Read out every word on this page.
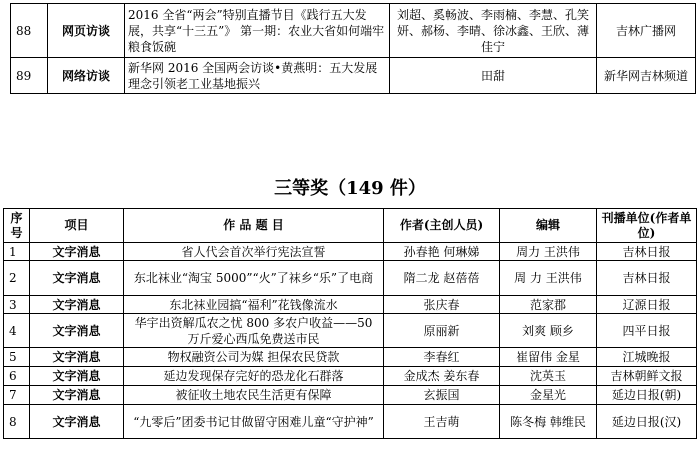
88	网页访谈	2016 全省“两会”特别直播节目《践行五大发展，共享“十三五”》 第一期：农业大省如何端牢粮食饭碗	刘超、奚畅波、李雨楠、李慧、孔笑妍、郝杨、李晴、徐冰鑫、王欣、薄佳宁	吉林广播网
89	网络访谈	新华网 2016 全国两会访谈•黄燕明：五大发展理念引领老工业基地振兴	田甜	新华网吉林频道
三等奖（149 件）
序号	项目	作 品 题 目	作者(主创人员)	编辑	刊播单位(作者单位)
1	文字消息	省人代会首次举行宪法宣誓	孙春艳 何琳娣	周力 王洪伟	吉林日报
2	文字消息	东北袜业“淘宝 5000”“火”了袜乡“乐”了电商	隋二龙 赵蓓蓓	周 力 王洪伟	吉林日报
3	文字消息	东北袜业园搞“福利”花钱像流水	张庆春	范家郡	辽源日报
4	文字消息	华宇出资解瓜农之忧 800 多农户收益——50 万斤爱心西瓜免费送市民	原丽新	刘爽 顾乡	四平日报
5	文字消息	物权融资公司为媒 担保农民贷款	李春红	崔留伟 金星	江城晚报
6	文字消息	延边发现保存完好的恐龙化石群落	金成杰 姜东春	沈英玉	吉林朝鲜文报
7	文字消息	被征收土地农民生活更有保障	玄振国	金星光	延边日报(朝)
8	文字消息	“九零后”团委书记甘做留守困难儿童“守护神”	王吉萌	陈冬梅 韩维民	延边日报(汉)
